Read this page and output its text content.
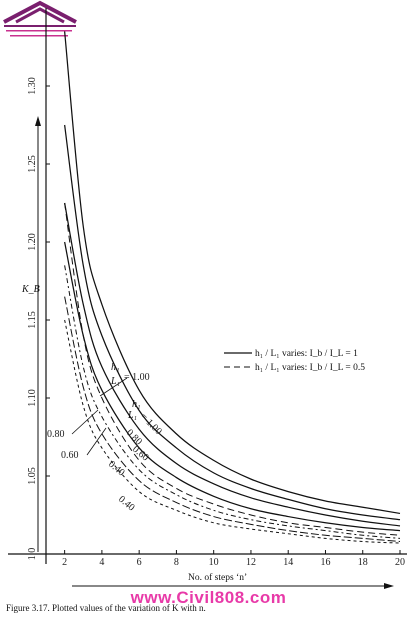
2	4	6	8	10	12	14	16	18	20
1.0
1.05
1.10
1.15
1.20
1.25
1.30
K_B
No. of steps ‘n’
h₁
L₁ = 1.00
0.80
0.60
h₁
L₁ = 1.00
0.80
0.60
0.40
0.40
h₁ / L₁ varies: I_b / I_L = 1
h₁ / L₁ varies: I_b / I_L = 0.5
www.Civil808.com
Figure 3.17. Plotted values of the variation of K with n.
